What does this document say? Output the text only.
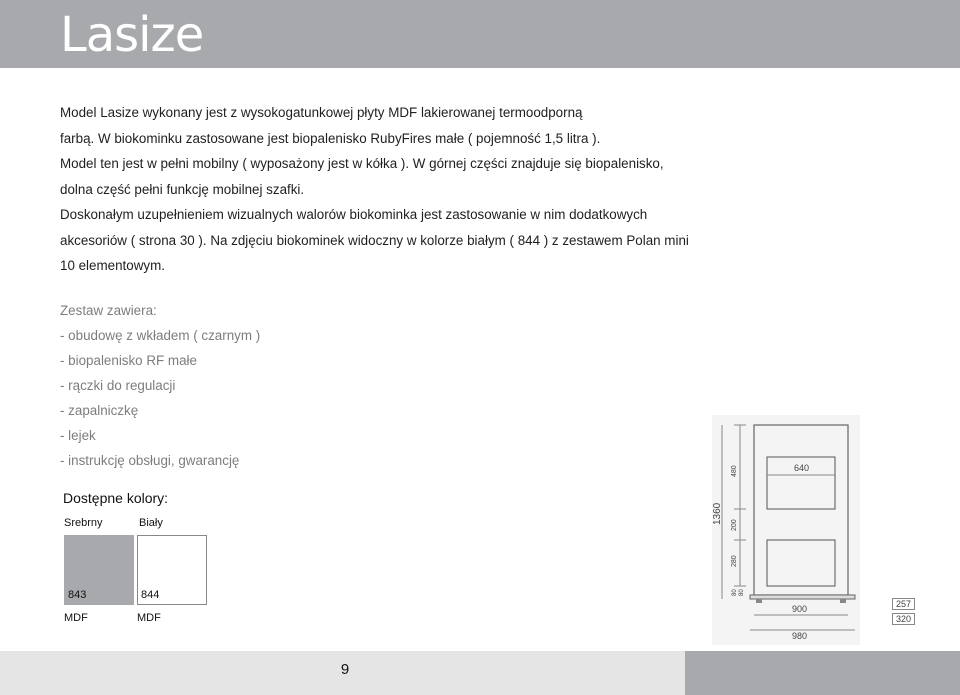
Lasize

Model Lasize wykonany jest z wysokogatunkowej płyty MDF lakierowanej termoodporną

farbą. W biokominku zastosowane jest biopalenisko RubyFires małe ( pojemność 1,5 litra ).

Model ten jest w pełni mobilny ( wyposażony jest w kółka ). W górnej części znajduje się biopalenisko,

dolna część pełni funkcję mobilnej szafki.

Doskonałym uzupełnieniem wizualnych walorów biokominka jest zastosowanie w nim dodatkowych

akcesoriów ( strona 30 ). Na zdjęciu biokominek widoczny w kolorze białym ( 844 ) z zestawem Polan mini

10 elementowym.

Zestaw zawiera:

- obudowę z wkładem ( czarnym )

- biopalenisko RF małe

- rączki do regulacji

- zapalniczkę

- lejek

- instrukcję obsługi, gwarancję

Dostępne kolory:
Srebrny	Biały
843	844
MDF	MDF
640
900
980
1360
480
200
280
80 80
257
320
9
